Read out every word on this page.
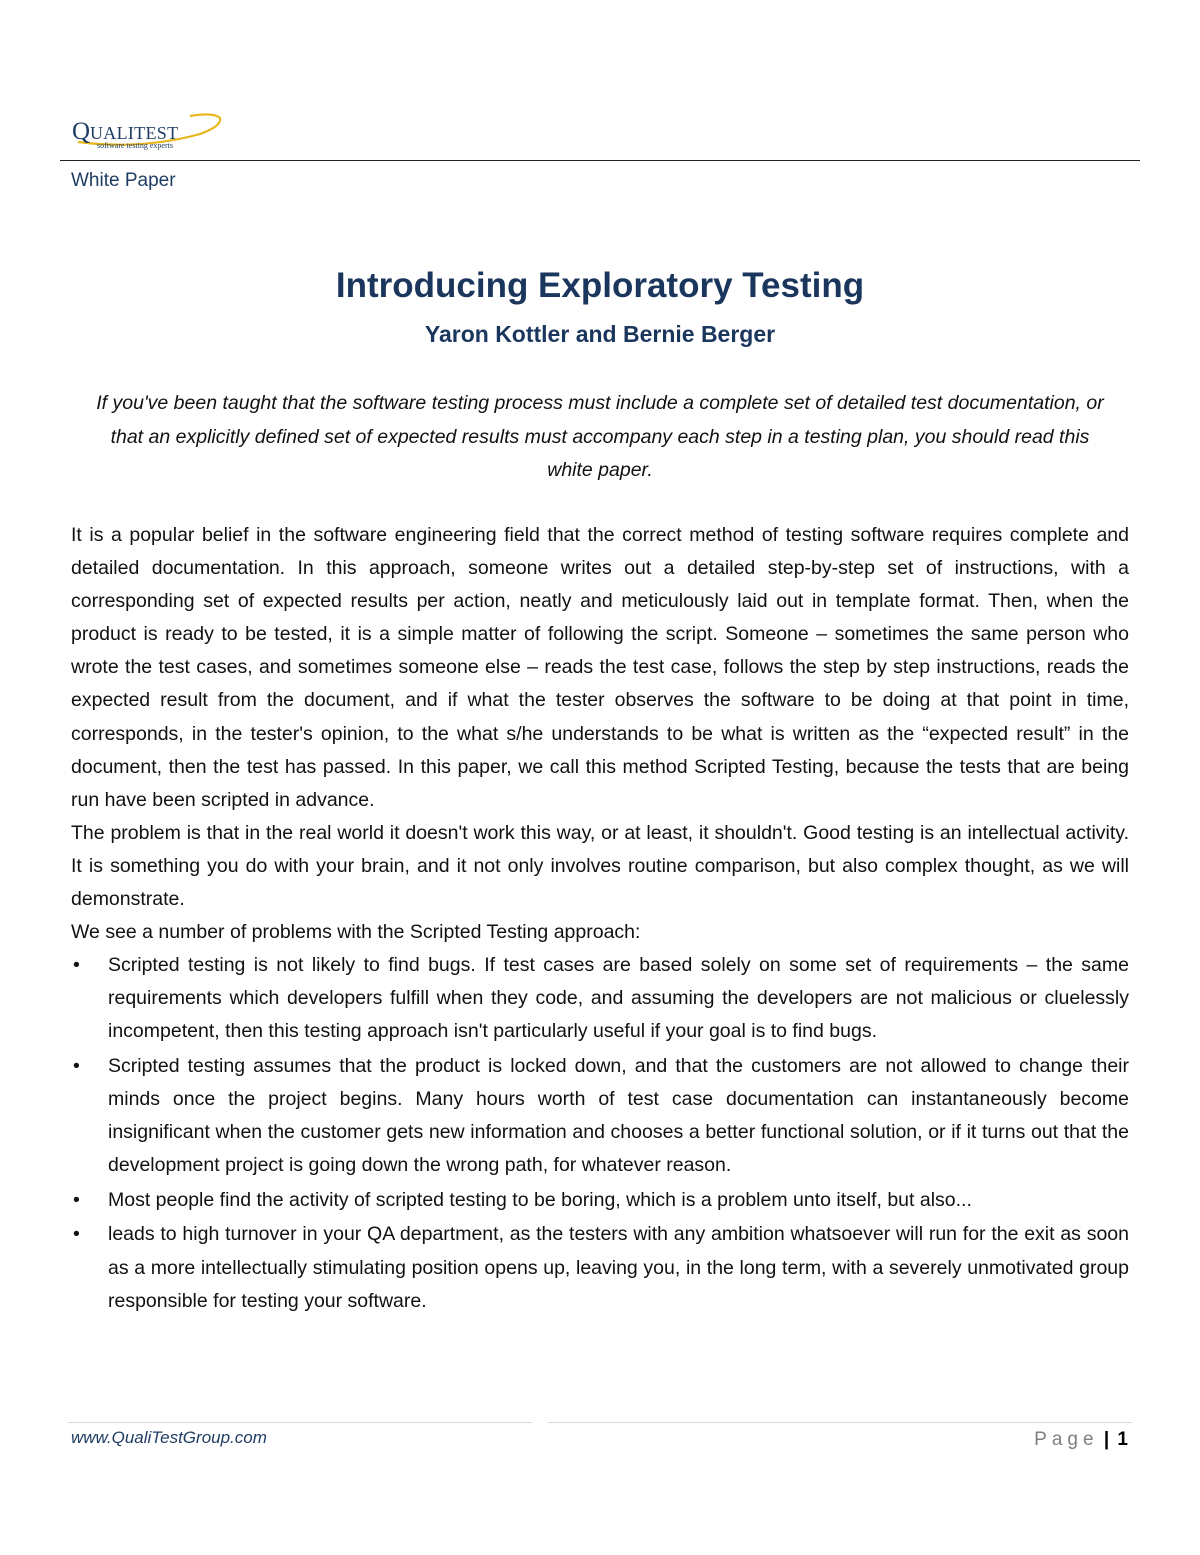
Q UALITEST
software testing experts
White Paper
Introducing Exploratory Testing
Yaron Kottler and Bernie Berger
If you've been taught that the software testing process must include a complete set of detailed test documentation, or that an explicitly defined set of expected results must accompany each step in a testing plan, you should read this white paper.

It is a popular belief in the software engineering field that the correct method of testing software requires complete and detailed documentation. In this approach, someone writes out a detailed step-by-step set of instructions, with a corresponding set of expected results per action, neatly and meticulously laid out in template format. Then, when the product is ready to be tested, it is a simple matter of following the script. Someone – sometimes the same person who wrote the test cases, and sometimes someone else – reads the test case, follows the step by step instructions, reads the expected result from the document, and if what the tester observes the software to be doing at that point in time, corresponds, in the tester's opinion, to the what s/he understands to be what is written as the “expected result” in the document, then the test has passed. In this paper, we call this method Scripted Testing, because the tests that are being run have been scripted in advance.

The problem is that in the real world it doesn't work this way, or at least, it shouldn't. Good testing is an intellectual activity. It is something you do with your brain, and it not only involves routine comparison, but also complex thought, as we will demonstrate.

We see a number of problems with the Scripted Testing approach:

•	Scripted testing is not likely to find bugs. If test cases are based solely on some set of requirements – the same requirements which developers fulfill when they code, and assuming the developers are not malicious or cluelessly incompetent, then this testing approach isn't particularly useful if your goal is to find bugs.
•	Scripted testing assumes that the product is locked down, and that the customers are not allowed to change their minds once the project begins. Many hours worth of test case documentation can instantaneously become insignificant when the customer gets new information and chooses a better functional solution, or if it turns out that the development project is going down the wrong path, for whatever reason.
•	Most people find the activity of scripted testing to be boring, which is a problem unto itself, but also...
•	leads to high turnover in your QA department, as the testers with any ambition whatsoever will run for the exit as soon as a more intellectually stimulating position opens up, leaving you, in the long term, with a severely unmotivated group responsible for testing your software.
www.QualiTestGroup.com	Page | 1
